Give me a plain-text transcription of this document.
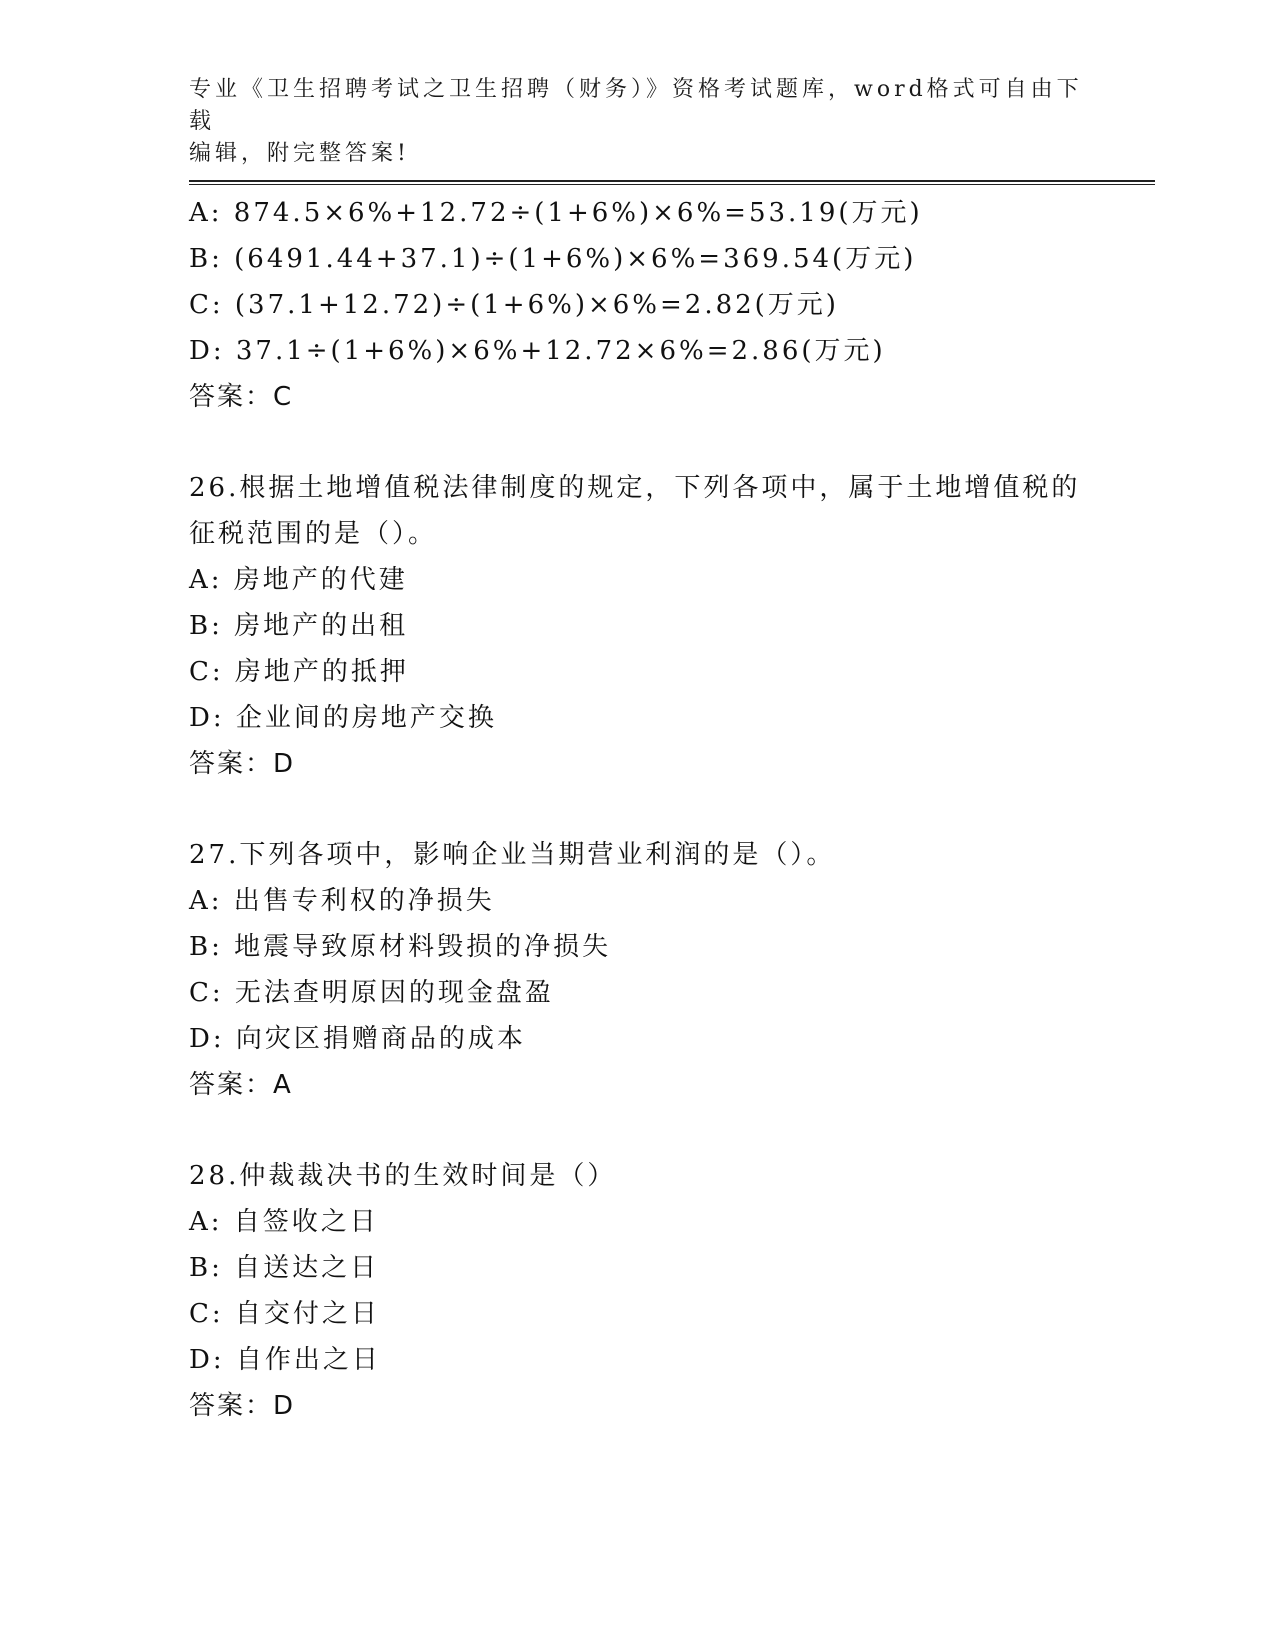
专业《卫生招聘考试之卫生招聘（财务）》资格考试题库，word格式可自由下载
编辑，附完整答案!
A: 874.5×6%+12.72÷(1+6%)×6%=53.19(万元)
B: (6491.44+37.1)÷(1+6%)×6%=369.54(万元)
C: (37.1+12.72)÷(1+6%)×6%=2.82(万元)
D: 37.1÷(1+6%)×6%+12.72×6%=2.86(万元)
答案：C
26.根据土地增值税法律制度的规定，下列各项中，属于土地增值税的
征税范围的是（）。
A: 房地产的代建
B: 房地产的出租
C: 房地产的抵押
D: 企业间的房地产交换
答案：D
27.下列各项中，影响企业当期营业利润的是（）。
A: 出售专利权的净损失
B: 地震导致原材料毁损的净损失
C: 无法查明原因的现金盘盈
D: 向灾区捐赠商品的成本
答案：A
28.仲裁裁决书的生效时间是（）
A: 自签收之日
B: 自送达之日
C: 自交付之日
D: 自作出之日
答案：D
